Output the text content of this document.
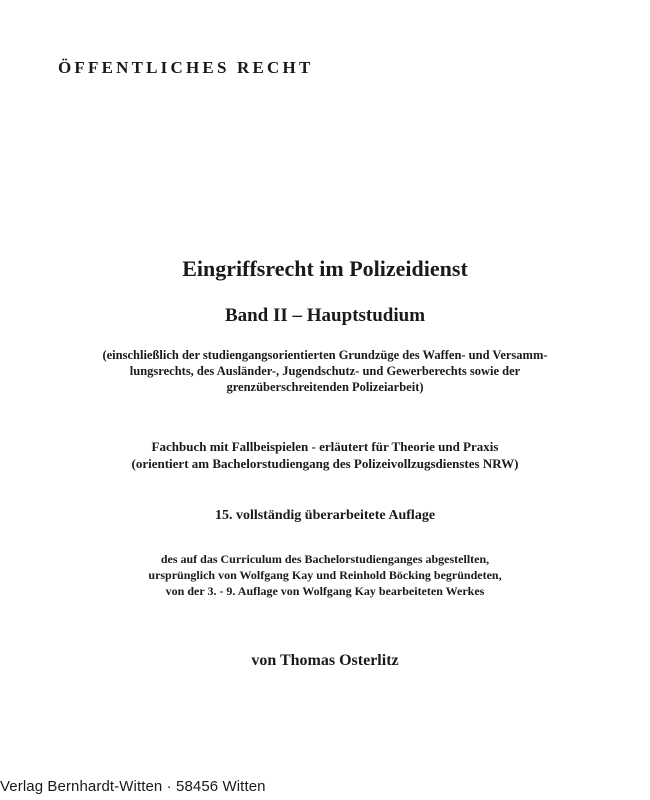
ÖFFENTLICHES RECHT
Eingriffsrecht im Polizeidienst
Band II – Hauptstudium
(einschließlich der studiengangsorientierten Grundzüge des Waffen- und Versamm-
lungsrechts, des Ausländer-, Jugendschutz- und Gewerberechts sowie der
grenzüberschreitenden Polizeiarbeit)
Fachbuch mit Fallbeispielen - erläutert für Theorie und Praxis
(orientiert am Bachelorstudiengang des Polizeivollzugsdienstes NRW)
15. vollständig überarbeitete Auflage
des auf das Curriculum des Bachelorstudienganges abgestellten,
ursprünglich von Wolfgang Kay und Reinhold Böcking begründeten,
von der 3. - 9. Auflage von Wolfgang Kay bearbeiteten Werkes
von Thomas Osterlitz
Verlag Bernhardt-Witten · 58456 Witten
